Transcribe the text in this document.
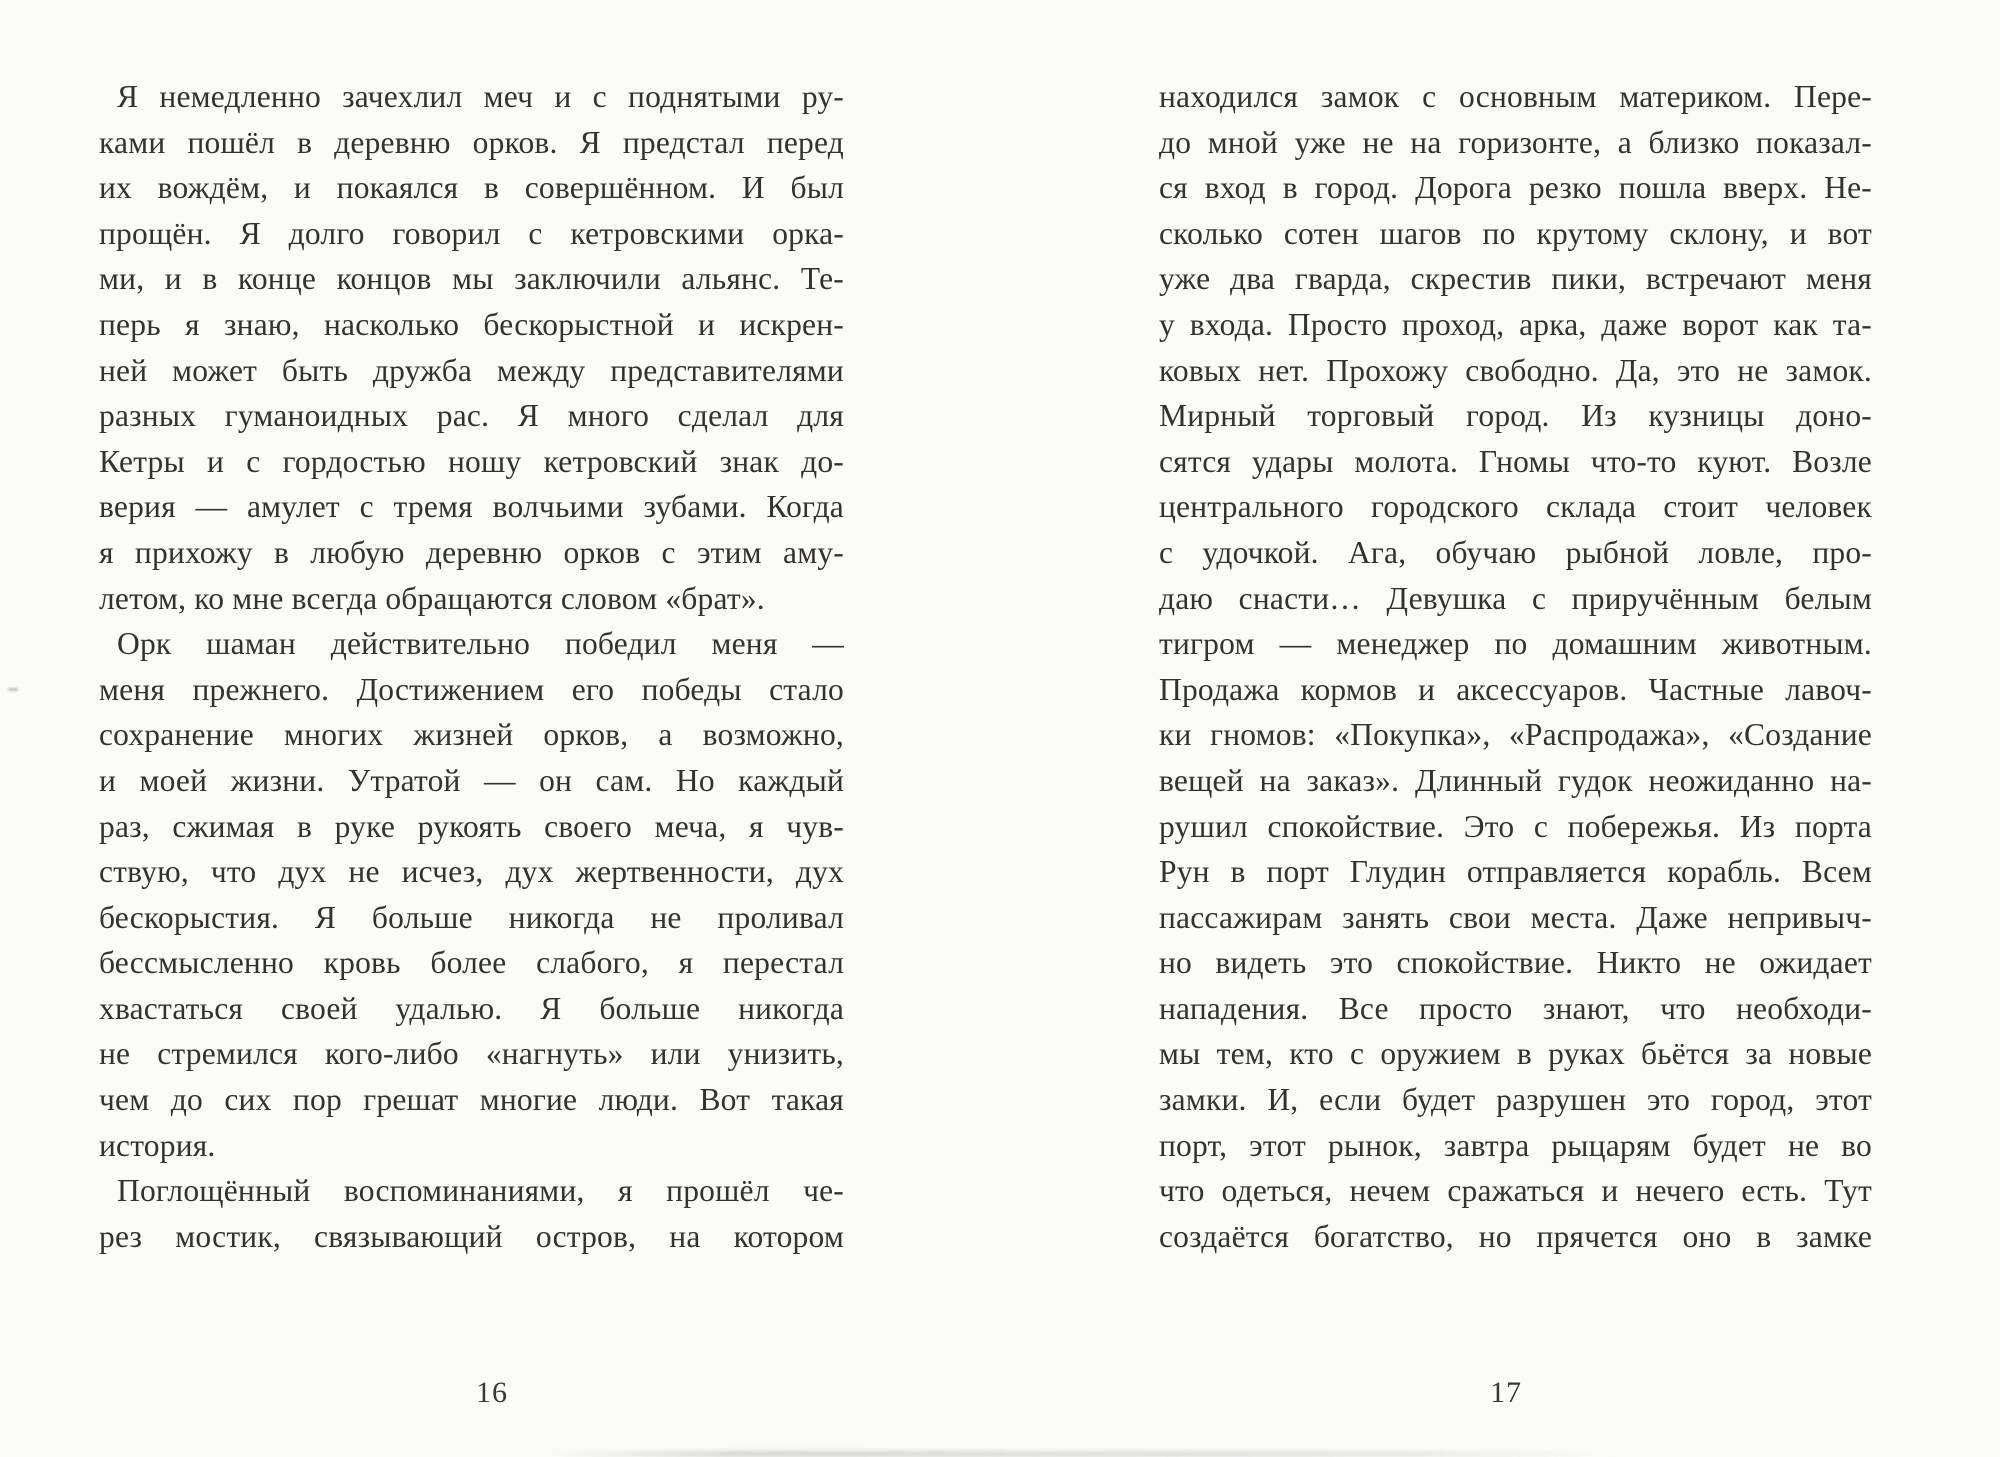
Я немедленно зачехлил меч и с поднятыми ру-
ками пошёл в деревню орков. Я предстал перед
их вождём, и покаялся в совершённом. И был
прощён. Я долго говорил с кетровскими орка-
ми, и в конце концов мы заключили альянс. Те-
перь я знаю, насколько бескорыстной и искрен-
ней может быть дружба между представителями
разных гуманоидных рас. Я много сделал для
Кетры и с гордостью ношу кетровский знак до-
верия — амулет с тремя волчьими зубами. Когда
я прихожу в любую деревню орков с этим аму-
летом, ко мне всегда обращаются словом «брат».
Орк шаман действительно победил меня —
меня прежнего. Достижением его победы стало
сохранение многих жизней орков, а возможно,
и моей жизни. Утратой — он сам. Но каждый
раз, сжимая в руке рукоять своего меча, я чув-
ствую, что дух не исчез, дух жертвенности, дух
бескорыстия. Я больше никогда не проливал
бессмысленно кровь более слабого, я перестал
хвастаться своей удалью. Я больше никогда
не стремился кого-либо «нагнуть» или унизить,
чем до сих пор грешат многие люди. Вот такая
история.
Поглощённый воспоминаниями, я прошёл че-
рез мостик, связывающий остров, на котором
находился замок с основным материком. Пере-
до мной уже не на горизонте, а близко показал-
ся вход в город. Дорога резко пошла вверх. Не-
сколько сотен шагов по крутому склону, и вот
уже два гварда, скрестив пики, встречают меня
у входа. Просто проход, арка, даже ворот как та-
ковых нет. Прохожу свободно. Да, это не замок.
Мирный торговый город. Из кузницы доно-
сятся удары молота. Гномы что-то куют. Возле
центрального городского склада стоит человек
с удочкой. Ага, обучаю рыбной ловле, про-
даю снасти… Девушка с приручённым белым
тигром — менеджер по домашним животным.
Продажа кормов и аксессуаров. Частные лавоч-
ки гномов: «Покупка», «Распродажа», «Создание
вещей на заказ». Длинный гудок неожиданно на-
рушил спокойствие. Это с побережья. Из порта
Рун в порт Глудин отправляется корабль. Всем
пассажирам занять свои места. Даже непривыч-
но видеть это спокойствие. Никто не ожидает
нападения. Все просто знают, что необходи-
мы тем, кто с оружием в руках бьётся за новые
замки. И, если будет разрушен это город, этот
порт, этот рынок, завтра рыцарям будет не во
что одеться, нечем сражаться и нечего есть. Тут
создаётся богатство, но прячется оно в замке
16	17
